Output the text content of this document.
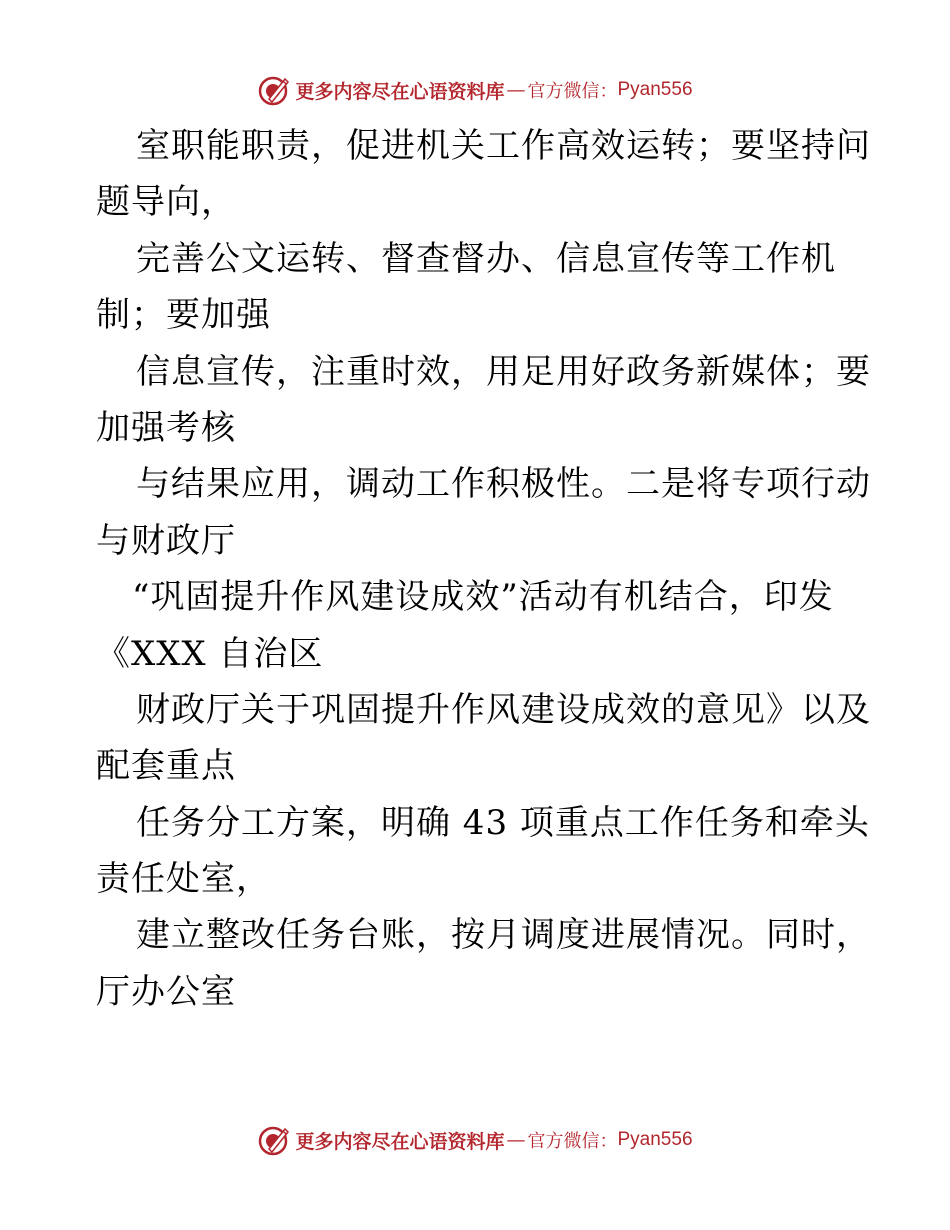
更多内容尽在心语资料库 — 官方微信： Pyan556
室职能职责，促进机关工作高效运转；要坚持问
题导向，
完善公文运转、督查督办、信息宣传等工作机
制；要加强
信息宣传，注重时效，用足用好政务新媒体；要
加强考核
与结果应用，调动工作积极性。二是将专项行动
与财政厅
“巩固提升作风建设成效”活动有机结合，印发
《XXX 自治区
财政厅关于巩固提升作风建设成效的意见》以及
配套重点
任务分工方案，明确 43 项重点工作任务和牵头
责任处室，
建立整改任务台账，按月调度进展情况。同时，
厅办公室
更多内容尽在心语资料库 — 官方微信： Pyan556
